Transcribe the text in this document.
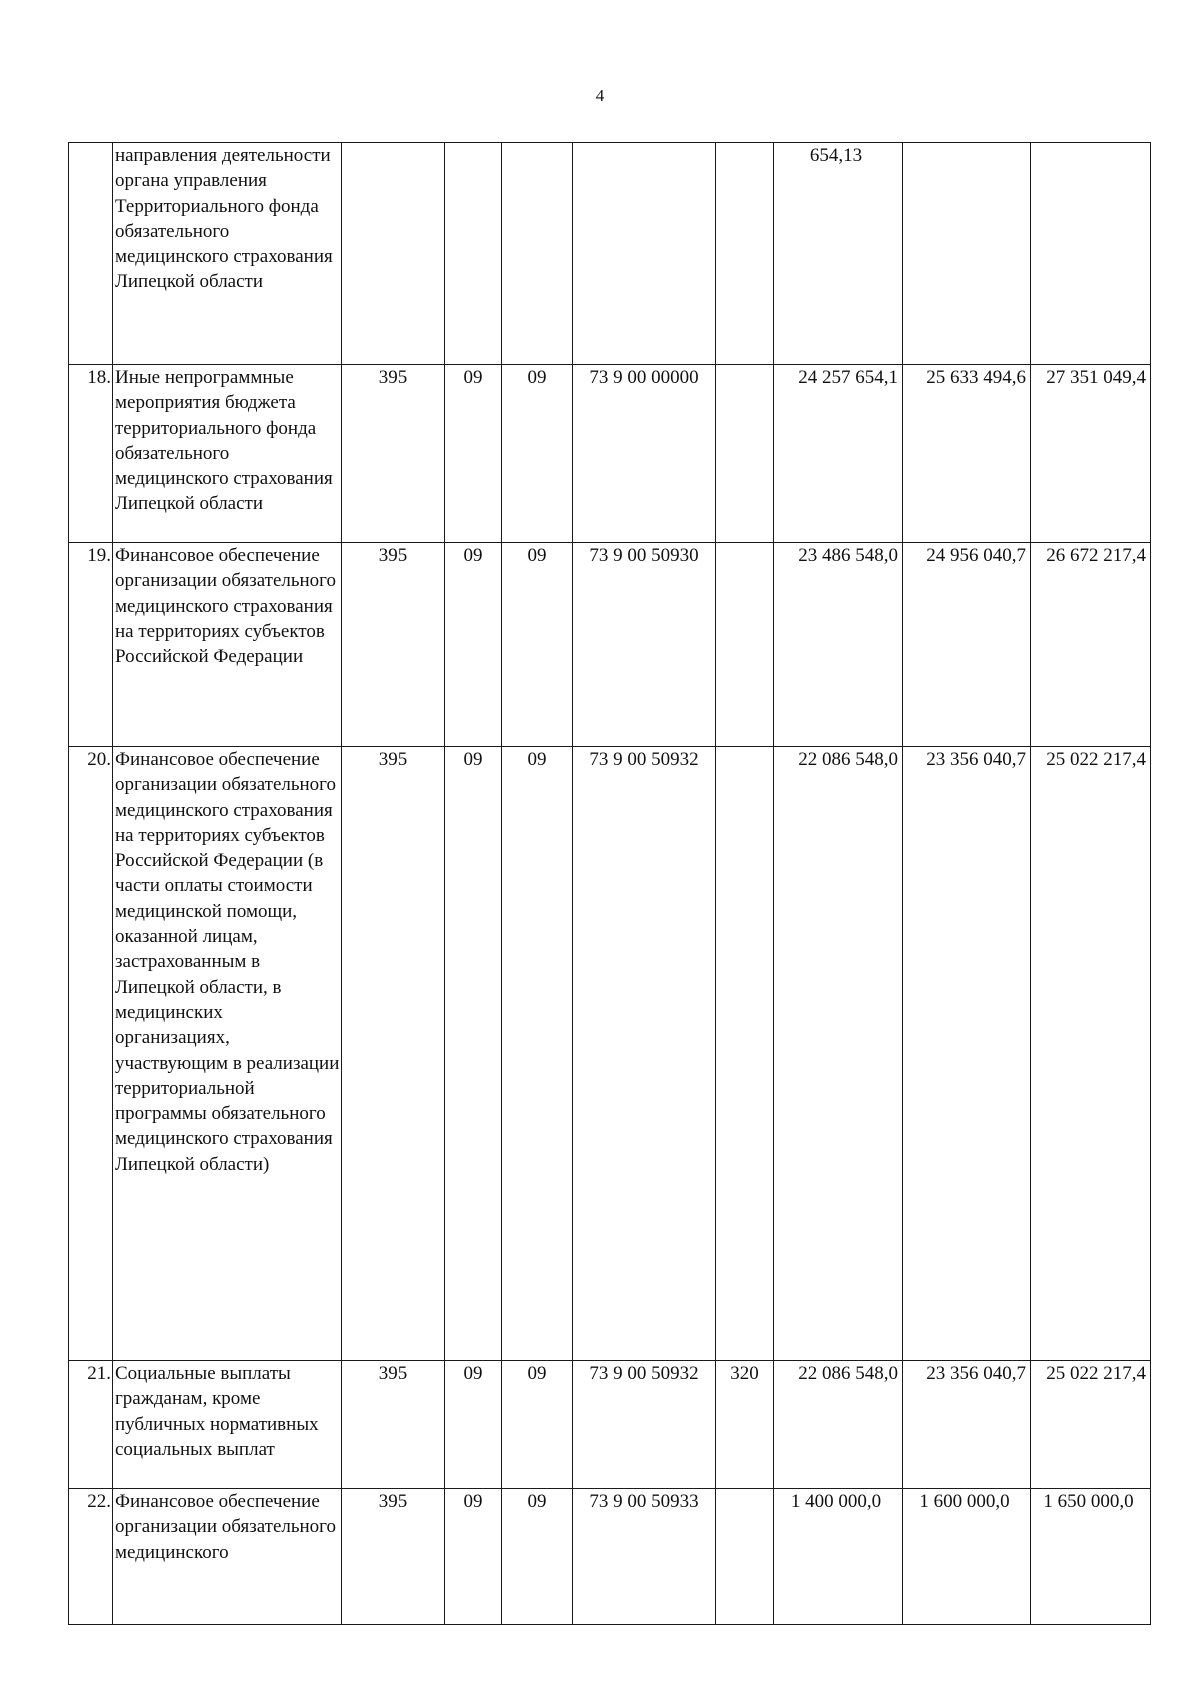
4
	направления деятельности органа управления Территориального фонда обязательного медицинского страхования Липецкой области						654,13		
18.	Иные непрограммные мероприятия бюджета территориального фонда обязательного медицинского страхования Липецкой области	395	09	09	73 9 00 00000		24 257 654,1	25 633 494,6	27 351 049,4
19.	Финансовое обеспечение организации обязательного медицинского страхования на территориях субъектов Российской Федерации	395	09	09	73 9 00 50930		23 486 548,0	24 956 040,7	26 672 217,4
20.	Финансовое обеспечение организации обязательного медицинского страхования на территориях субъектов Российской Федерации (в части оплаты стоимости медицинской помощи, оказанной лицам, застрахованным в Липецкой области, в медицинских организациях, участвующим в реализации территориальной программы обязательного медицинского страхования Липецкой области)	395	09	09	73 9 00 50932		22 086 548,0	23 356 040,7	25 022 217,4
21.	Социальные выплаты гражданам, кроме публичных нормативных социальных выплат	395	09	09	73 9 00 50932	320	22 086 548,0	23 356 040,7	25 022 217,4
22.	Финансовое обеспечение организации обязательного медицинского	395	09	09	73 9 00 50933		1 400 000,0	1 600 000,0	1 650 000,0
